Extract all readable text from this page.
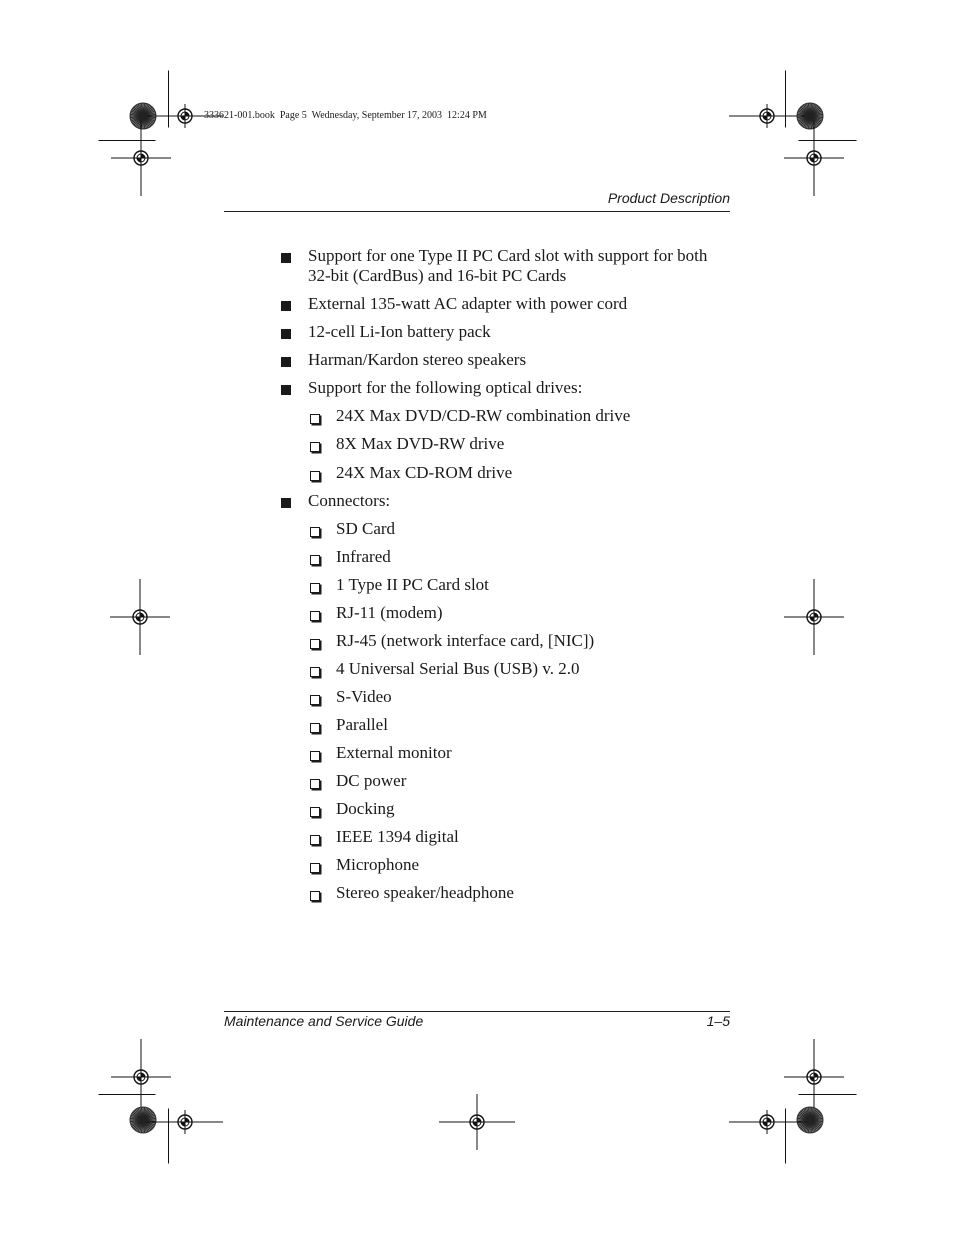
333621-001.book  Page 5  Wednesday, September 17, 2003  12:24 PM
Product Description
Support for one Type II PC Card slot with support for both
32-bit (CardBus) and 16-bit PC Cards
External 135-watt AC adapter with power cord
12-cell Li-Ion battery pack
Harman/Kardon stereo speakers
Support for the following optical drives:
24X Max DVD/CD-RW combination drive
8X Max DVD-RW drive
24X Max CD-ROM drive
Connectors:
SD Card
Infrared
1 Type II PC Card slot
RJ-11 (modem)
RJ-45 (network interface card, [NIC])
4 Universal Serial Bus (USB) v. 2.0
S-Video
Parallel
External monitor
DC power
Docking
IEEE 1394 digital
Microphone
Stereo speaker/headphone
Maintenance and Service Guide	1–5
